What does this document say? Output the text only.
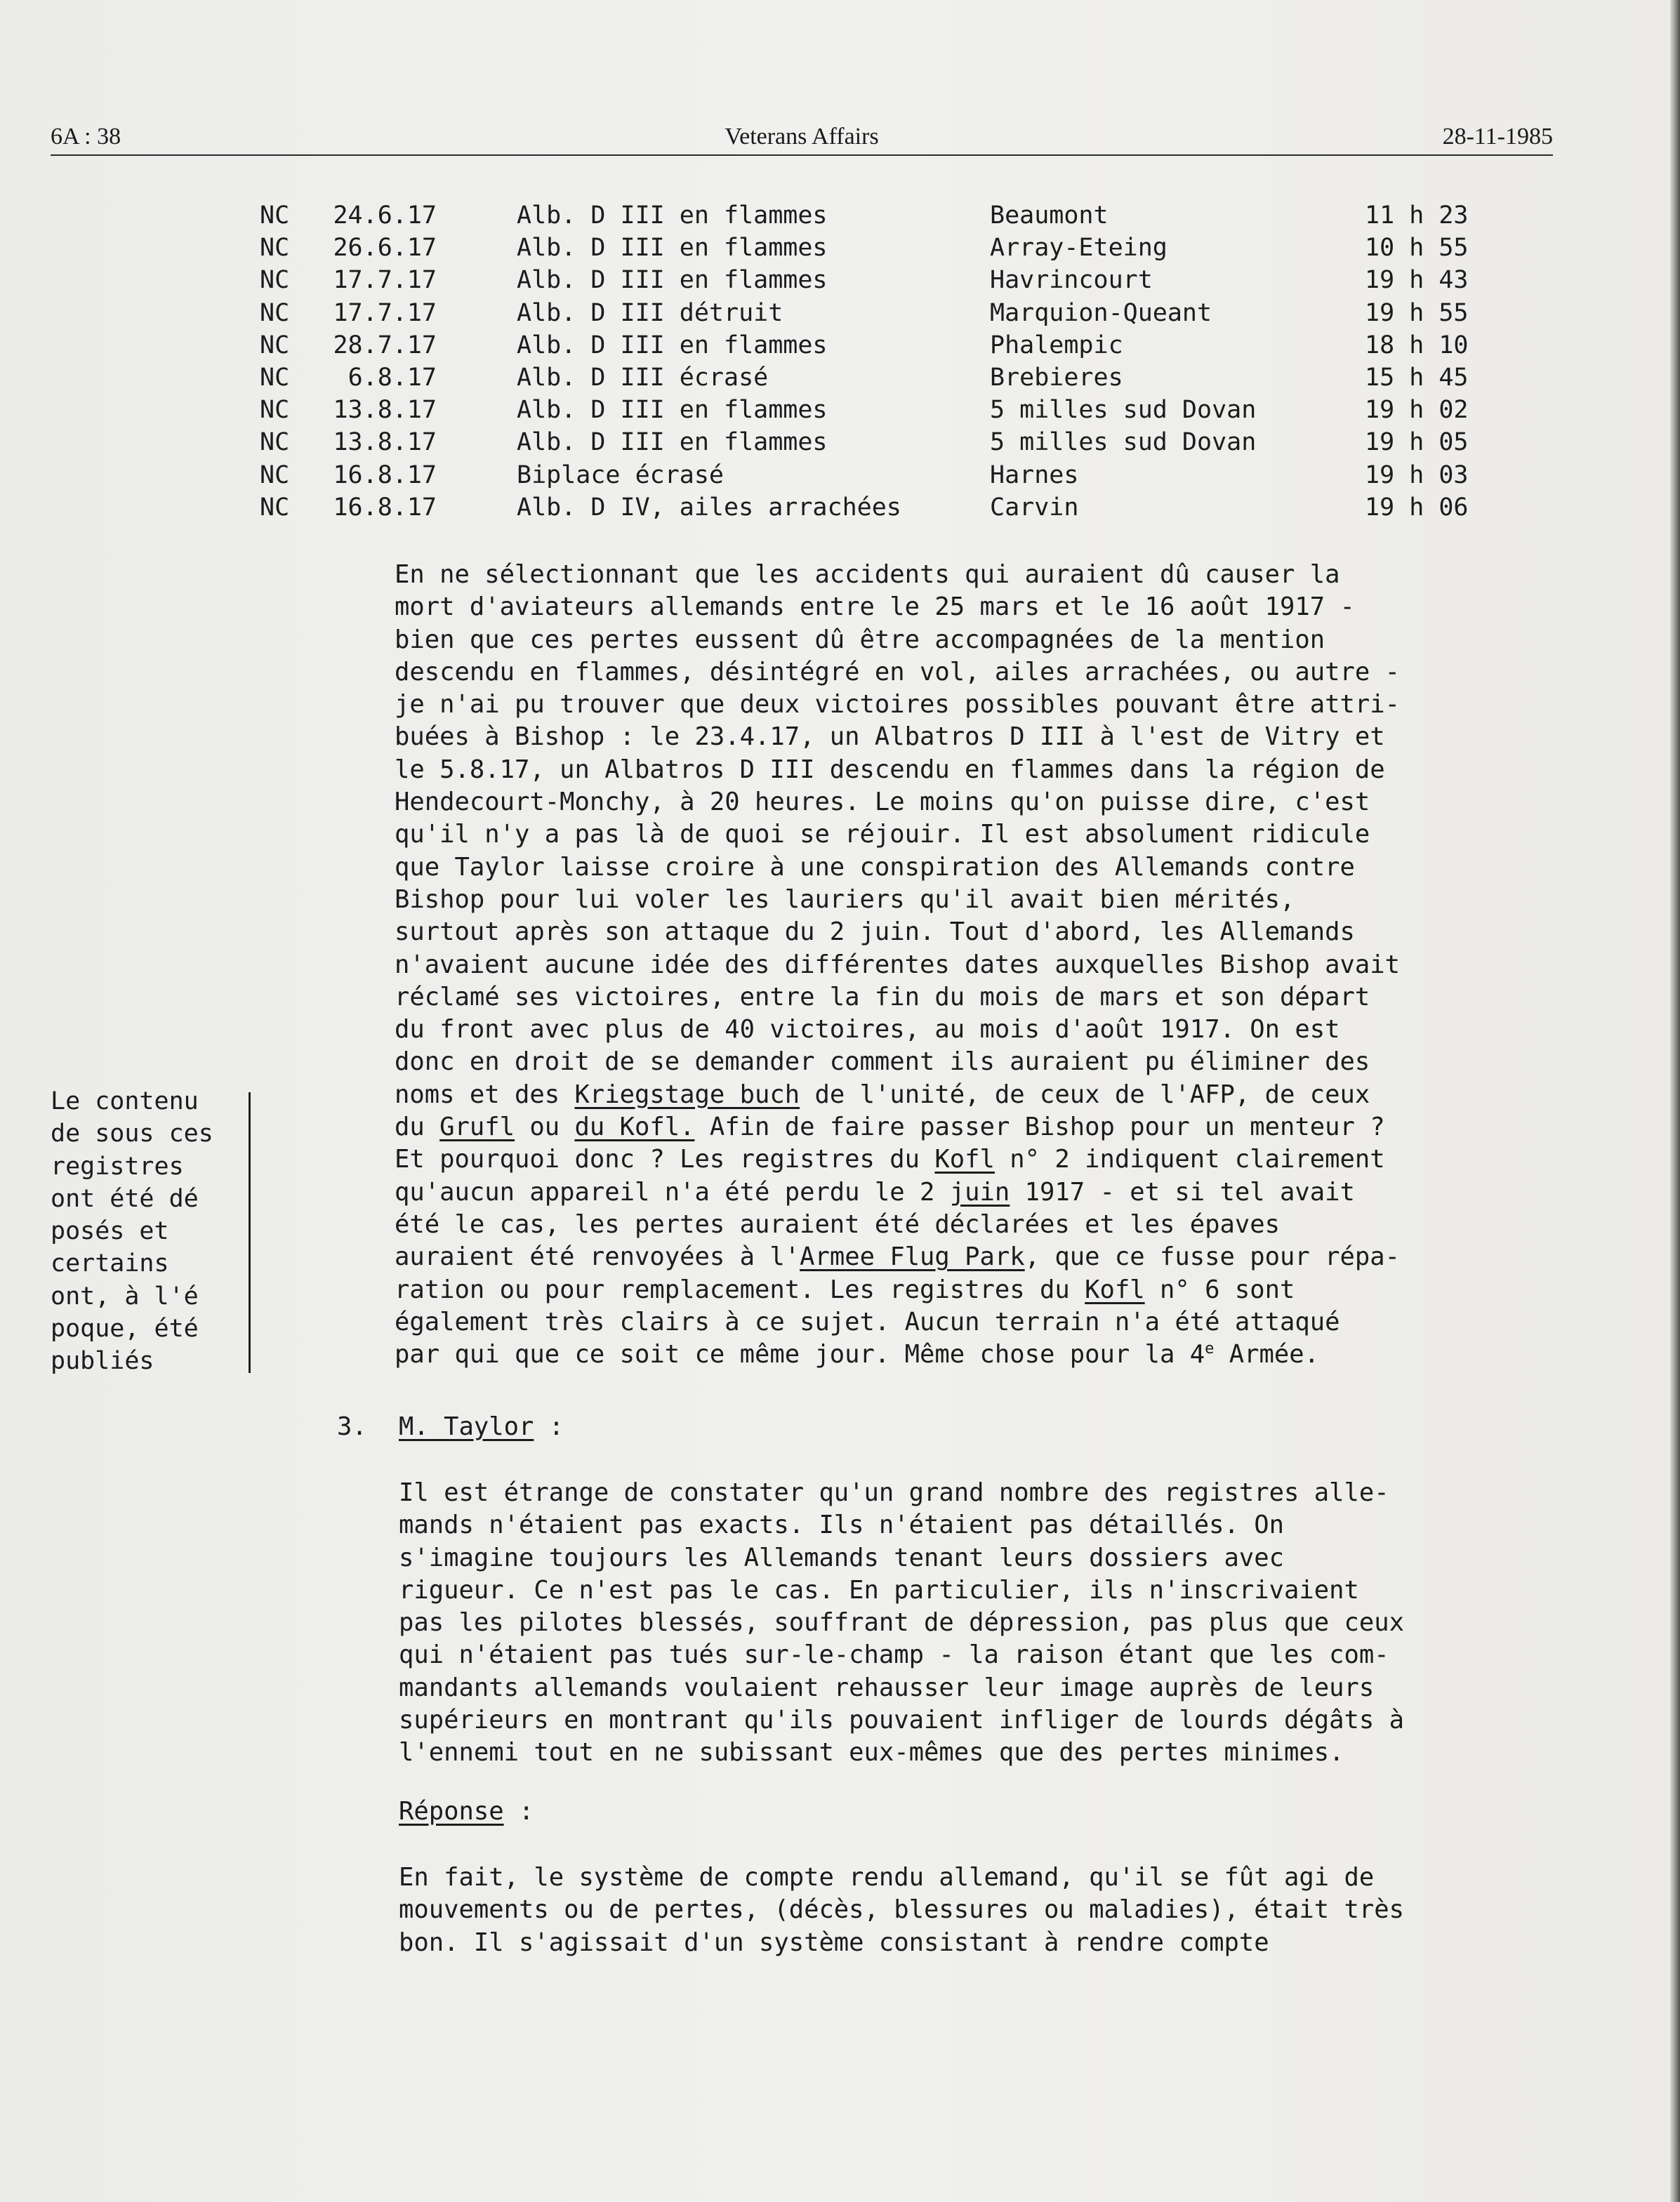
6A : 38	Veterans Affairs	28-11-1985
NC	24.6.17	Alb. D III en flammes	Beaumont	11 h 23
NC	26.6.17	Alb. D III en flammes	Array-Eteing	10 h 55
NC	17.7.17	Alb. D III en flammes	Havrincourt	19 h 43
NC	17.7.17	Alb. D III détruit	Marquion-Queant	19 h 55
NC	28.7.17	Alb. D III en flammes	Phalempic	18 h 10
NC	6.8.17	Alb. D III écrasé	Brebieres	15 h 45
NC	13.8.17	Alb. D III en flammes	5 milles sud Dovan	19 h 02
NC	13.8.17	Alb. D III en flammes	5 milles sud Dovan	19 h 05
NC	16.8.17	Biplace écrasé	Harnes	19 h 03
NC	16.8.17	Alb. D IV, ailes arrachées	Carvin	19 h 06
En ne sélectionnant que les accidents qui auraient dû causer la
mort d'aviateurs allemands entre le 25 mars et le 16 août 1917 -
bien que ces pertes eussent dû être accompagnées de la mention
descendu en flammes, désintégré en vol, ailes arrachées, ou autre -
je n'ai pu trouver que deux victoires possibles pouvant être attri-
buées à Bishop : le 23.4.17, un Albatros D III à l'est de Vitry et
le 5.8.17, un Albatros D III descendu en flammes dans la région de
Hendecourt-Monchy, à 20 heures. Le moins qu'on puisse dire, c'est
qu'il n'y a pas là de quoi se réjouir. Il est absolument ridicule
que Taylor laisse croire à une conspiration des Allemands contre
Bishop pour lui voler les lauriers qu'il avait bien mérités,
surtout après son attaque du 2 juin. Tout d'abord, les Allemands
n'avaient aucune idée des différentes dates auxquelles Bishop avait
réclamé ses victoires, entre la fin du mois de mars et son départ
du front avec plus de 40 victoires, au mois d'août 1917. On est
donc en droit de se demander comment ils auraient pu éliminer des
noms et des Kriegstage buch de l'unité, de ceux de l'AFP, de ceux
du Grufl ou du Kofl. Afin de faire passer Bishop pour un menteur ?
Et pourquoi donc ? Les registres du Kofl n° 2 indiquent clairement
qu'aucun appareil n'a été perdu le 2 juin 1917 - et si tel avait
été le cas, les pertes auraient été déclarées et les épaves
auraient été renvoyées à l'Armee Flug Park, que ce fusse pour répa-
ration ou pour remplacement. Les registres du Kofl n° 6 sont
également très clairs à ce sujet. Aucun terrain n'a été attaqué
par qui que ce soit ce même jour. Même chose pour la 4e Armée.
Le contenu
de sous ces
registres
ont été dé
posés et
certains
ont, à l'é
poque, été
publiés
3. M. Taylor :
Il est étrange de constater qu'un grand nombre des registres alle-
mands n'étaient pas exacts. Ils n'étaient pas détaillés. On
s'imagine toujours les Allemands tenant leurs dossiers avec
rigueur. Ce n'est pas le cas. En particulier, ils n'inscrivaient
pas les pilotes blessés, souffrant de dépression, pas plus que ceux
qui n'étaient pas tués sur-le-champ - la raison étant que les com-
mandants allemands voulaient rehausser leur image auprès de leurs
supérieurs en montrant qu'ils pouvaient infliger de lourds dégâts à
l'ennemi tout en ne subissant eux-mêmes que des pertes minimes.
Réponse :
En fait, le système de compte rendu allemand, qu'il se fût agi de
mouvements ou de pertes, (décès, blessures ou maladies), était très
bon. Il s'agissait d'un système consistant à rendre compte
